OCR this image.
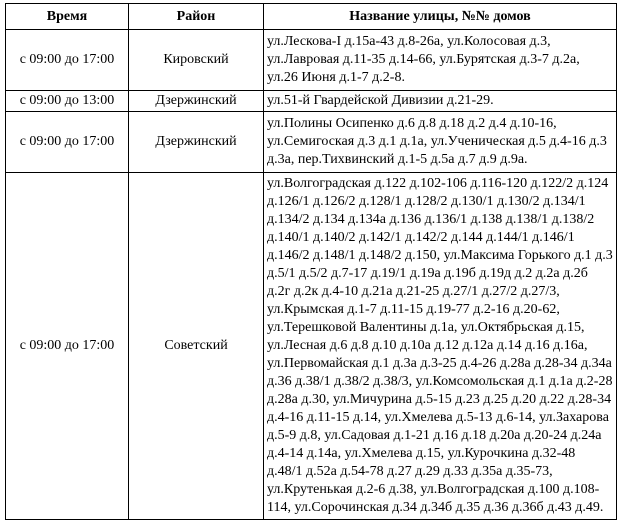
Время	Район	Название улицы, №№ домов
с 09:00 до 17:00	Кировский	ул.Лескова-I д.15а-43 д.8-26а, ул.Колосовая д.3, ул.Лавровая д.11-35 д.14-66, ул.Бурятская д.3-7 д.2а, ул.26 Июня д.1-7 д.2-8.
с 09:00 до 13:00	Дзержинский	ул.51-й Гвардейской Дивизии д.21-29.
с 09:00 до 17:00	Дзержинский	ул.Полины Осипенко д.6 д.8 д.18 д.2 д.4 д.10-16, ул.Семигоская д.3 д.1 д.1а, ул.Ученическая д.5 д.4-16 д.3 д.3а, пер.Тихвинский д.1-5 д.5а д.7 д.9 д.9а.
с 09:00 до 17:00	Советский	ул.Волгоградская д.122 д.102-106 д.116-120 д.122/2 д.124 д.126/1 д.126/2 д.128/1 д.128/2 д.130/1 д.130/2 д.134/1 д.134/2 д.134 д.134а д.136 д.136/1 д.138 д.138/1 д.138/2 д.140/1 д.140/2 д.142/1 д.142/2 д.144 д.144/1 д.146/1 д.146/2 д.148/1 д.148/2 д.150, ул.Максима Горького д.1 д.3 д.5/1 д.5/2 д.7-17 д.19/1 д.19а д.19б д.19д д.2 д.2а д.2б д.2г д.2к д.4-10 д.21а д.21-25 д.27/1 д.27/2 д.27/3, ул.Крымская д.1-7 д.11-15 д.19-77 д.2-16 д.20-62, ул.Терешковой Валентины д.1а, ул.Октябрьская д.15, ул.Лесная д.6 д.8 д.10 д.10а д.12 д.12а д.14 д.16 д.16а, ул.Первомайская д.1 д.3а д.3-25 д.4-26 д.28а д.28-34 д.34а д.36 д.38/1 д.38/2 д.38/3, ул.Комсомольская д.1 д.1а д.2-28 д.28а д.30, ул.Мичурина д.5-15 д.23 д.25 д.20 д.22 д.28-34 д.4-16 д.11-15 д.14, ул.Хмелева д.5-13 д.6-14, ул.Захарова д.5-9 д.8, ул.Садовая д.1-21 д.16 д.18 д.20а д.20-24 д.24а д.4-14 д.14а, ул.Хмелева д.15, ул.Курочкина д.32-48 д.48/1 д.52а д.54-78 д.27 д.29 д.33 д.35а д.35-73, ул.Крутенькая д.2-6 д.38, ул.Волгоградская д.100 д.108-114, ул.Сорочинская д.34 д.34б д.35 д.36 д.36б д.43 д.49.
